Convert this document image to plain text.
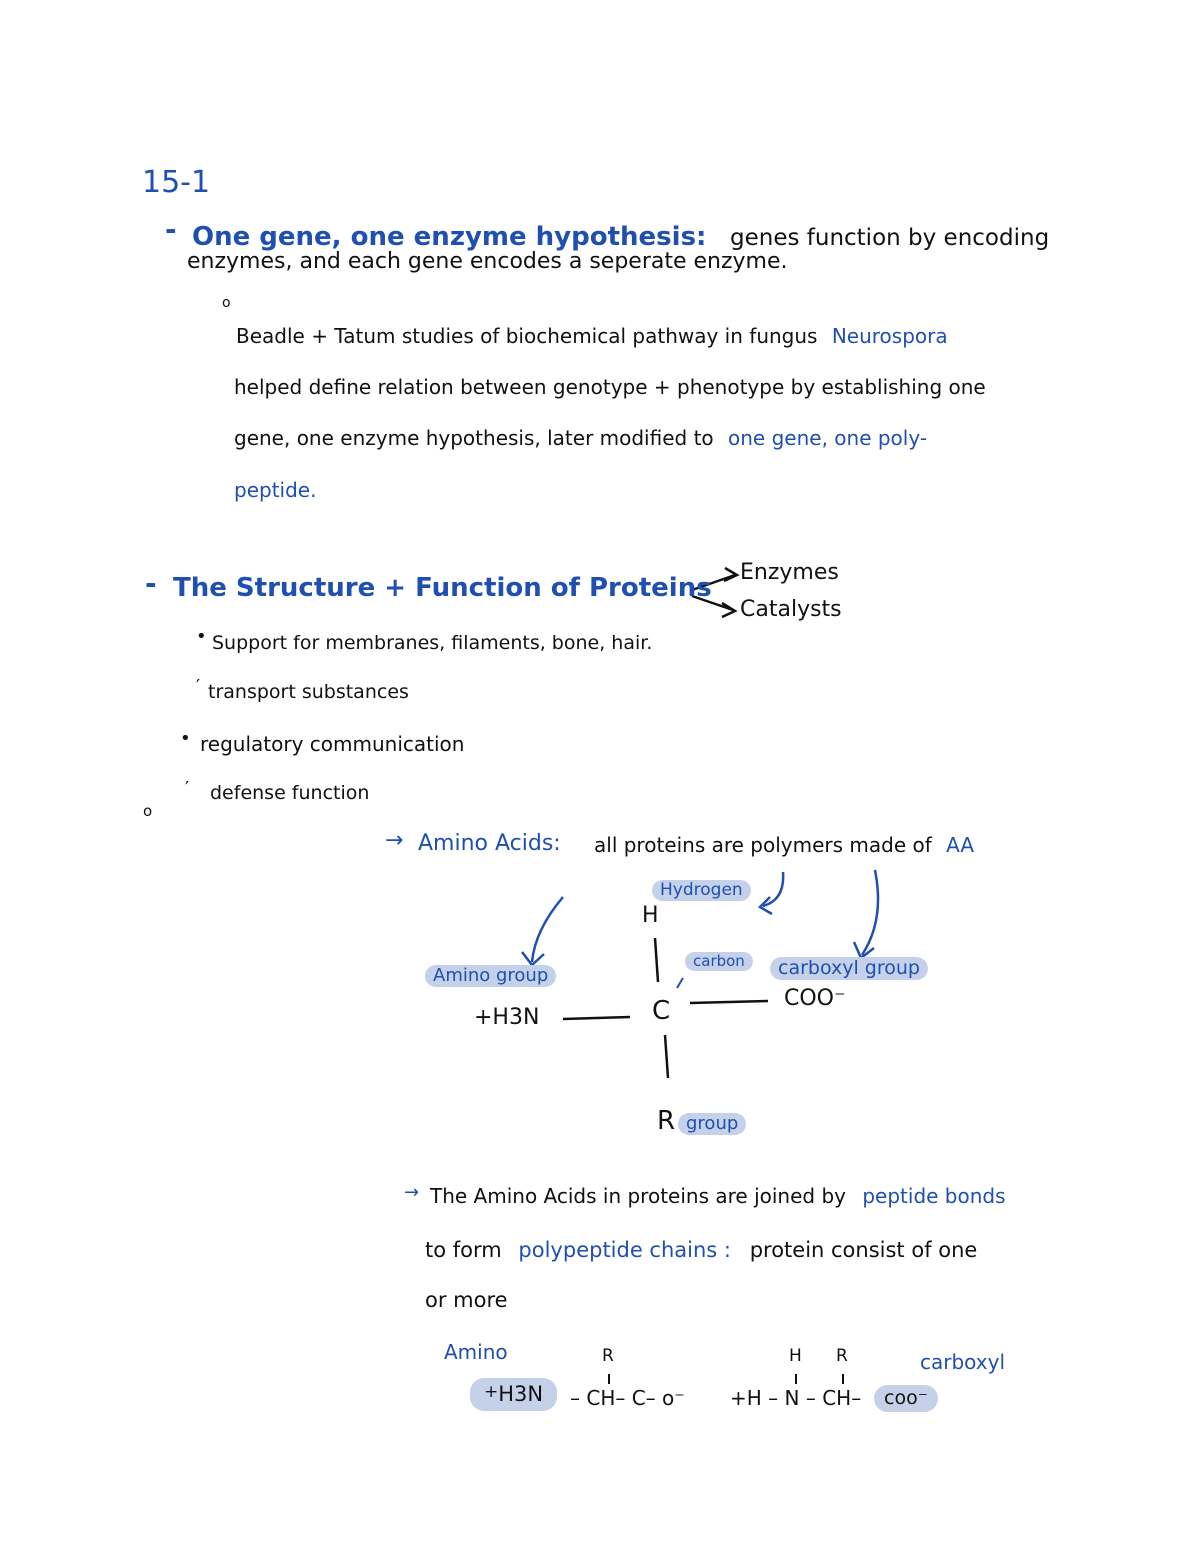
15-1
- One gene, one enzyme hypothesis: genes function by encoding
enzymes, and each gene encodes a seperate enzyme.
o
Beadle + Tatum studies of biochemical pathway in fungus Neurospora
helped define relation between genotype + phenotype by establishing one
gene, one enzyme hypothesis, later modified to one gene, one poly-
peptide.
- The Structure + Function of Proteins
Enzymes
Catalysts
• Support for membranes, filaments, bone, hair.
′ transport substances
• regulatory communication
′ defense function
o
→ Amino Acids: all proteins are polymers made of AA
Hydrogen
H
Amino group
carbon	carboxyl group
+H3N	C	COO⁻
R group
→ The Amino Acids in proteins are joined by peptide bonds
to form polypeptide chains : protein consist of one
or more
Amino	carboxyl
R	H R
+H3N	– CH– C– o⁻ +H – N – CH–	coo⁻
